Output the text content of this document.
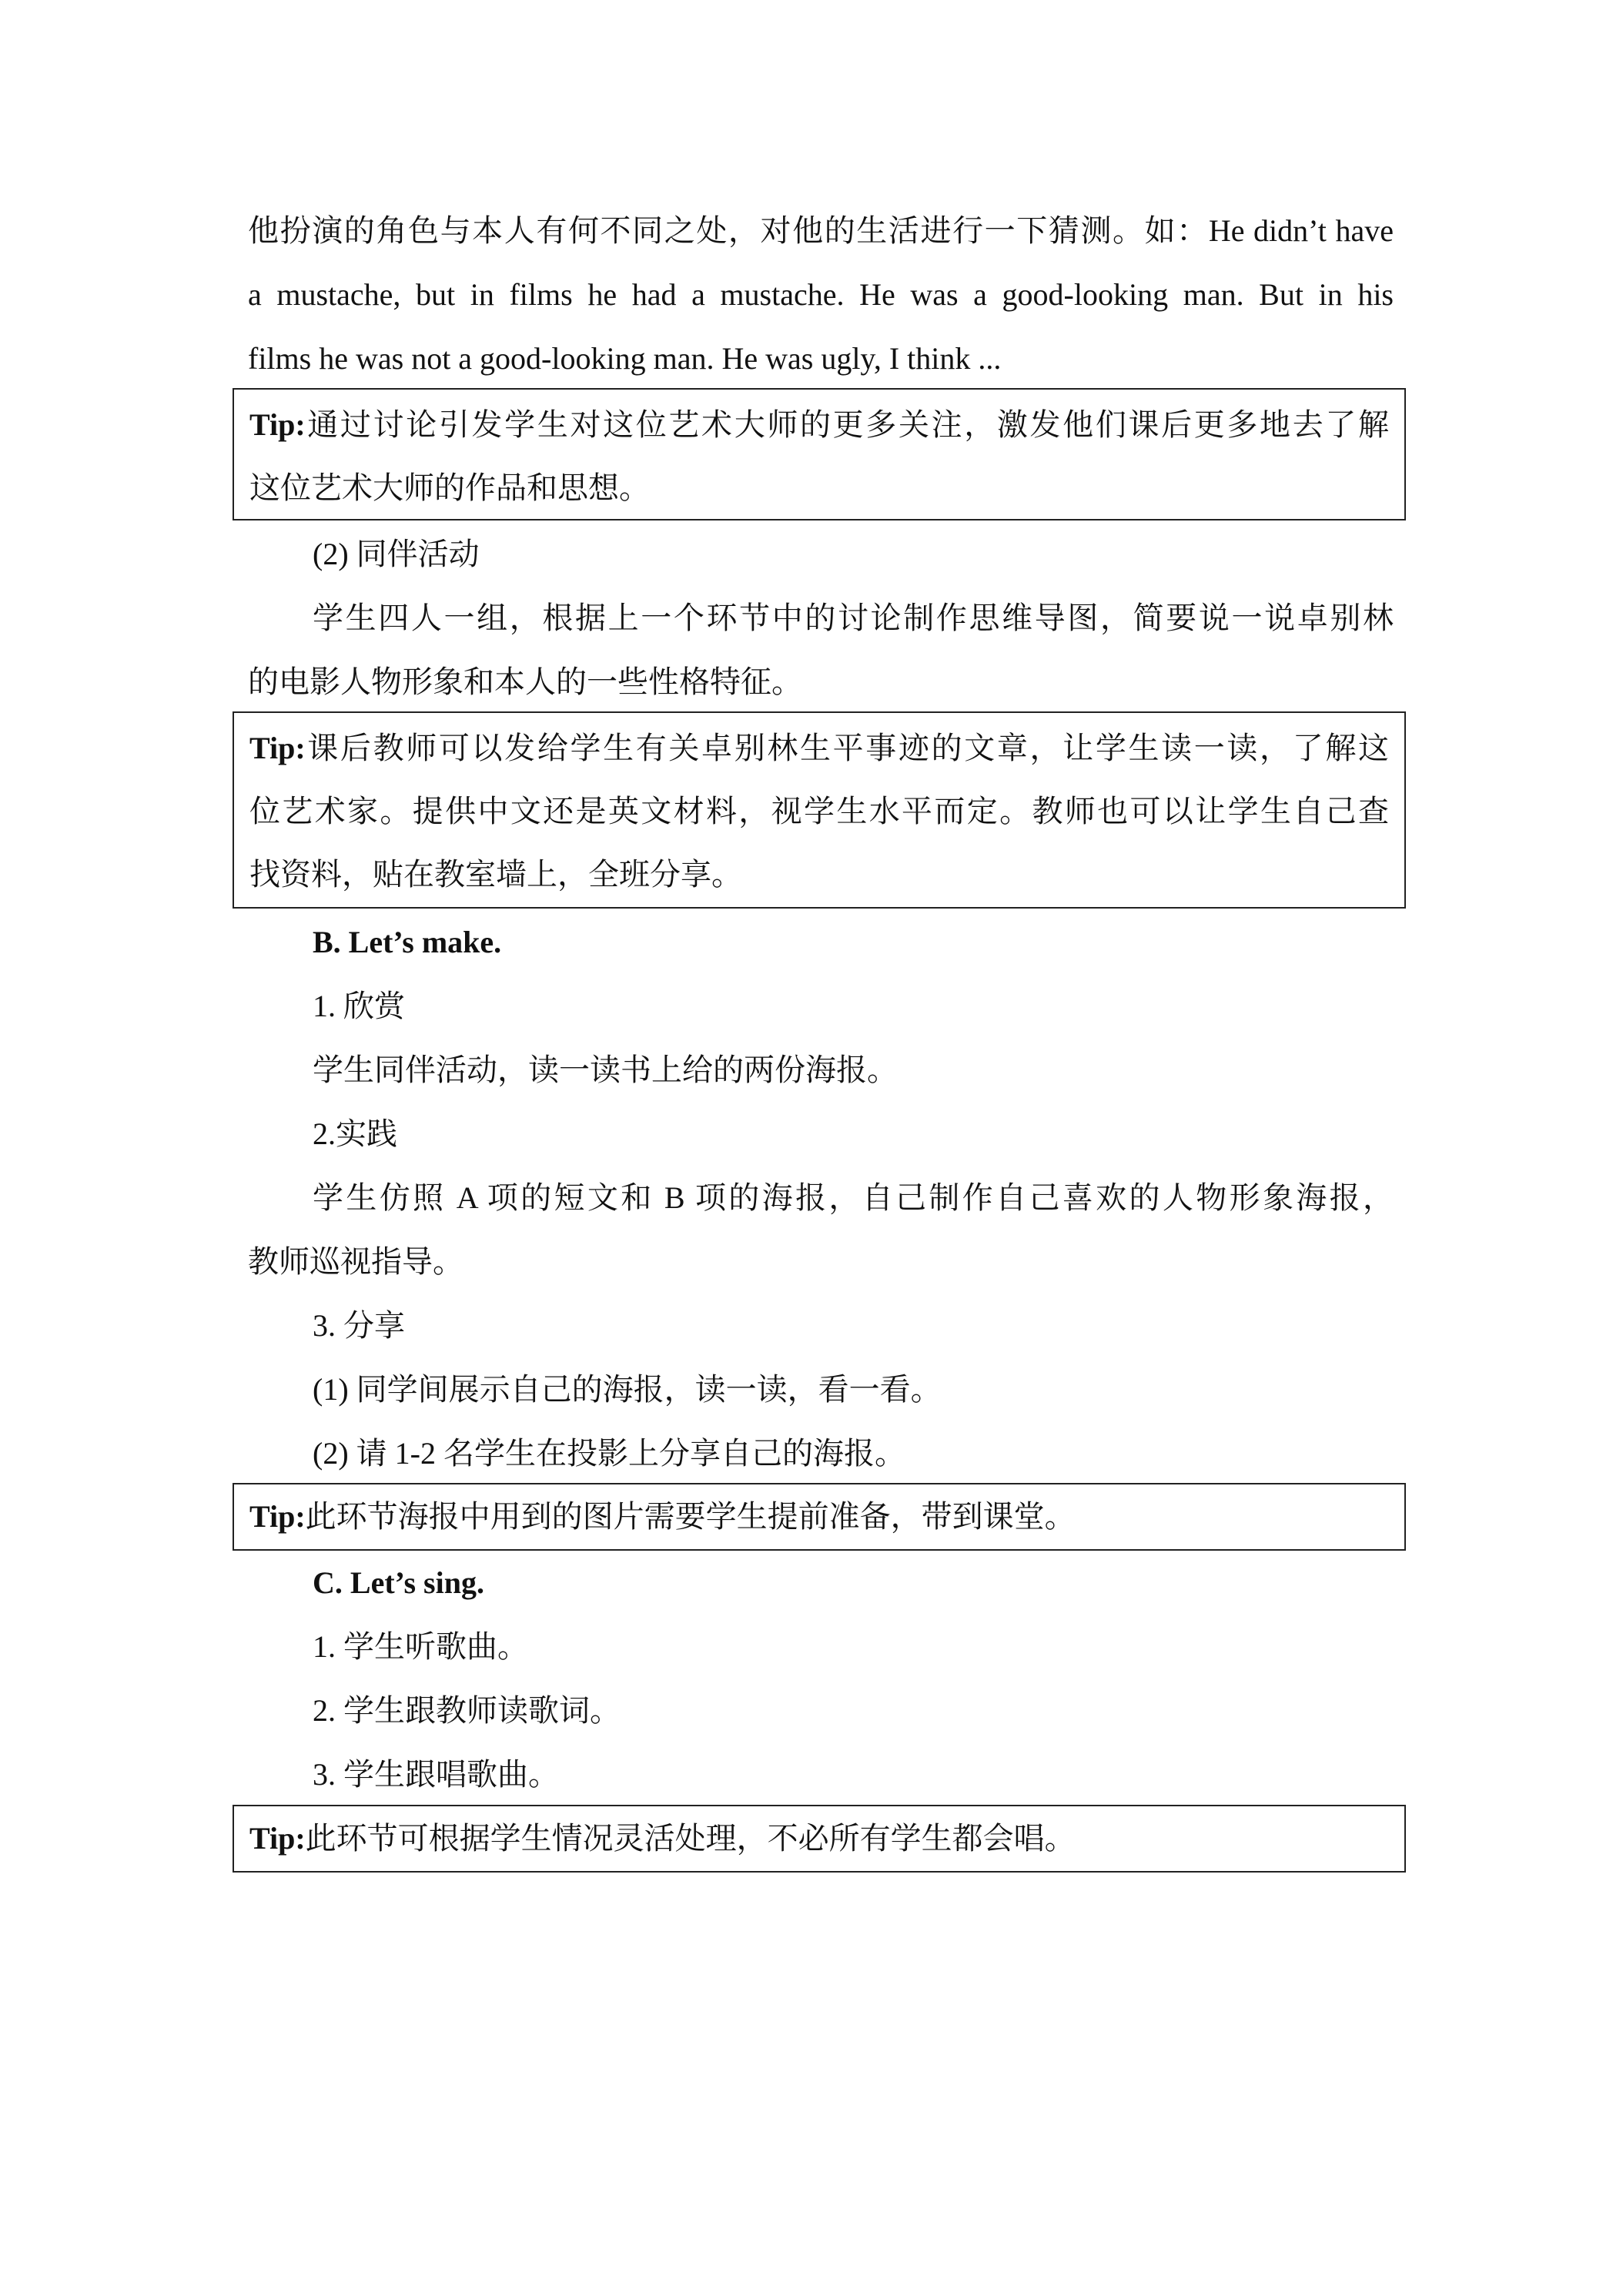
他扮演的角色与本人有何不同之处，对他的生活进行一下猜测。如：He didn’t have
a mustache, but in films he had a mustache. He was a good-looking man. But in his
films he was not a good-looking man. He was ugly, I think ...
Tip:通过讨论引发学生对这位艺术大师的更多关注，激发他们课后更多地去了解
这位艺术大师的作品和思想。
(2) 同伴活动
学生四人一组，根据上一个环节中的讨论制作思维导图，简要说一说卓别林
的电影人物形象和本人的一些性格特征。
Tip:课后教师可以发给学生有关卓别林生平事迹的文章，让学生读一读，了解这
位艺术家。提供中文还是英文材料，视学生水平而定。教师也可以让学生自己查
找资料，贴在教室墙上，全班分享。
B. Let’s make.
1. 欣赏
学生同伴活动，读一读书上给的两份海报。
2.实践
学生仿照 A 项的短文和 B 项的海报，自己制作自己喜欢的人物形象海报，
教师巡视指导。
3. 分享
(1) 同学间展示自己的海报，读一读，看一看。
(2) 请 1-2 名学生在投影上分享自己的海报。
Tip:此环节海报中用到的图片需要学生提前准备，带到课堂。
C. Let’s sing.
1. 学生听歌曲。
2. 学生跟教师读歌词。
3. 学生跟唱歌曲。
Tip:此环节可根据学生情况灵活处理，不必所有学生都会唱。
